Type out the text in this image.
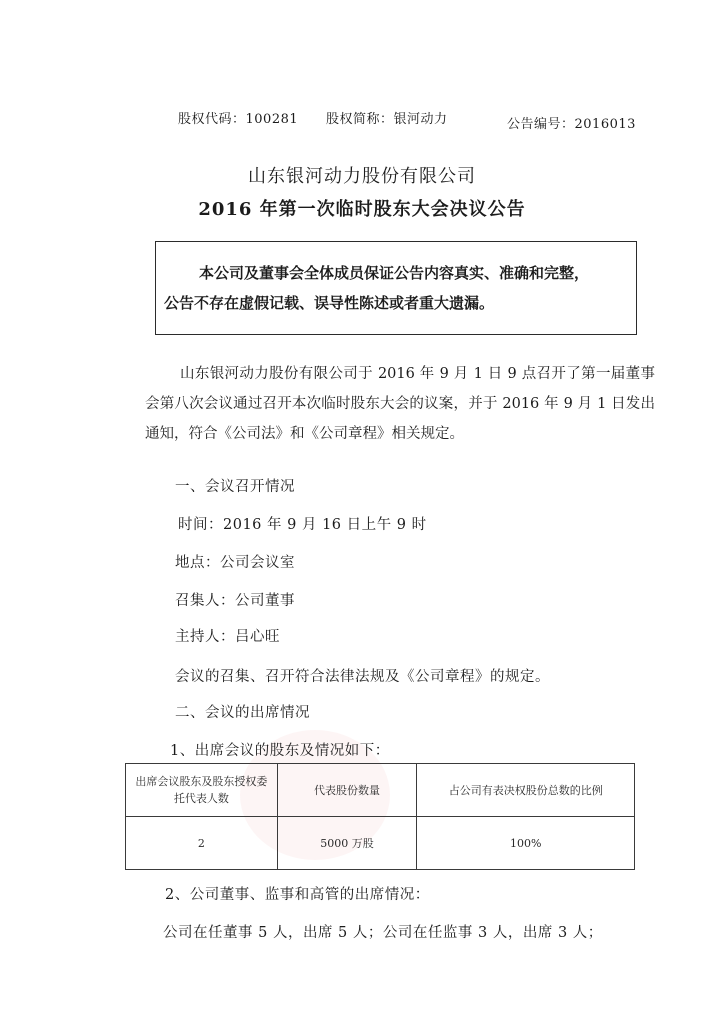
股权代码：100281 股权简称：银河动力	公告编号：2016013
山东银河动力股份有限公司
2016 年第一次临时股东大会决议公告

本公司及董事会全体成员保证公告内容真实、准确和完整，

公告不存在虚假记载、误导性陈述或者重大遗漏。

山东银河动力股份有限公司于 2016 年 9 月 1 日 9 点召开了第一届董事会第八次会议通过召开本次临时股东大会的议案，并于 2016 年 9 月 1 日发出通知，符合《公司法》和《公司章程》相关规定。
一、会议召开情况
时间：2016 年 9 月 16 日上午 9 时
地点：公司会议室
召集人：公司董事
主持人：吕心旺
会议的召集、召开符合法律法规及《公司章程》的规定。
二、会议的出席情况
1、出席会议的股东及情况如下：
出席会议股东及股东授权委托代表人数	代表股份数量	占公司有表决权股份总数的比例
2	5000 万股	100%
2、公司董事、监事和高管的出席情况：
公司在任董事 5 人，出席 5 人；公司在任监事 3 人，出席 3 人；
